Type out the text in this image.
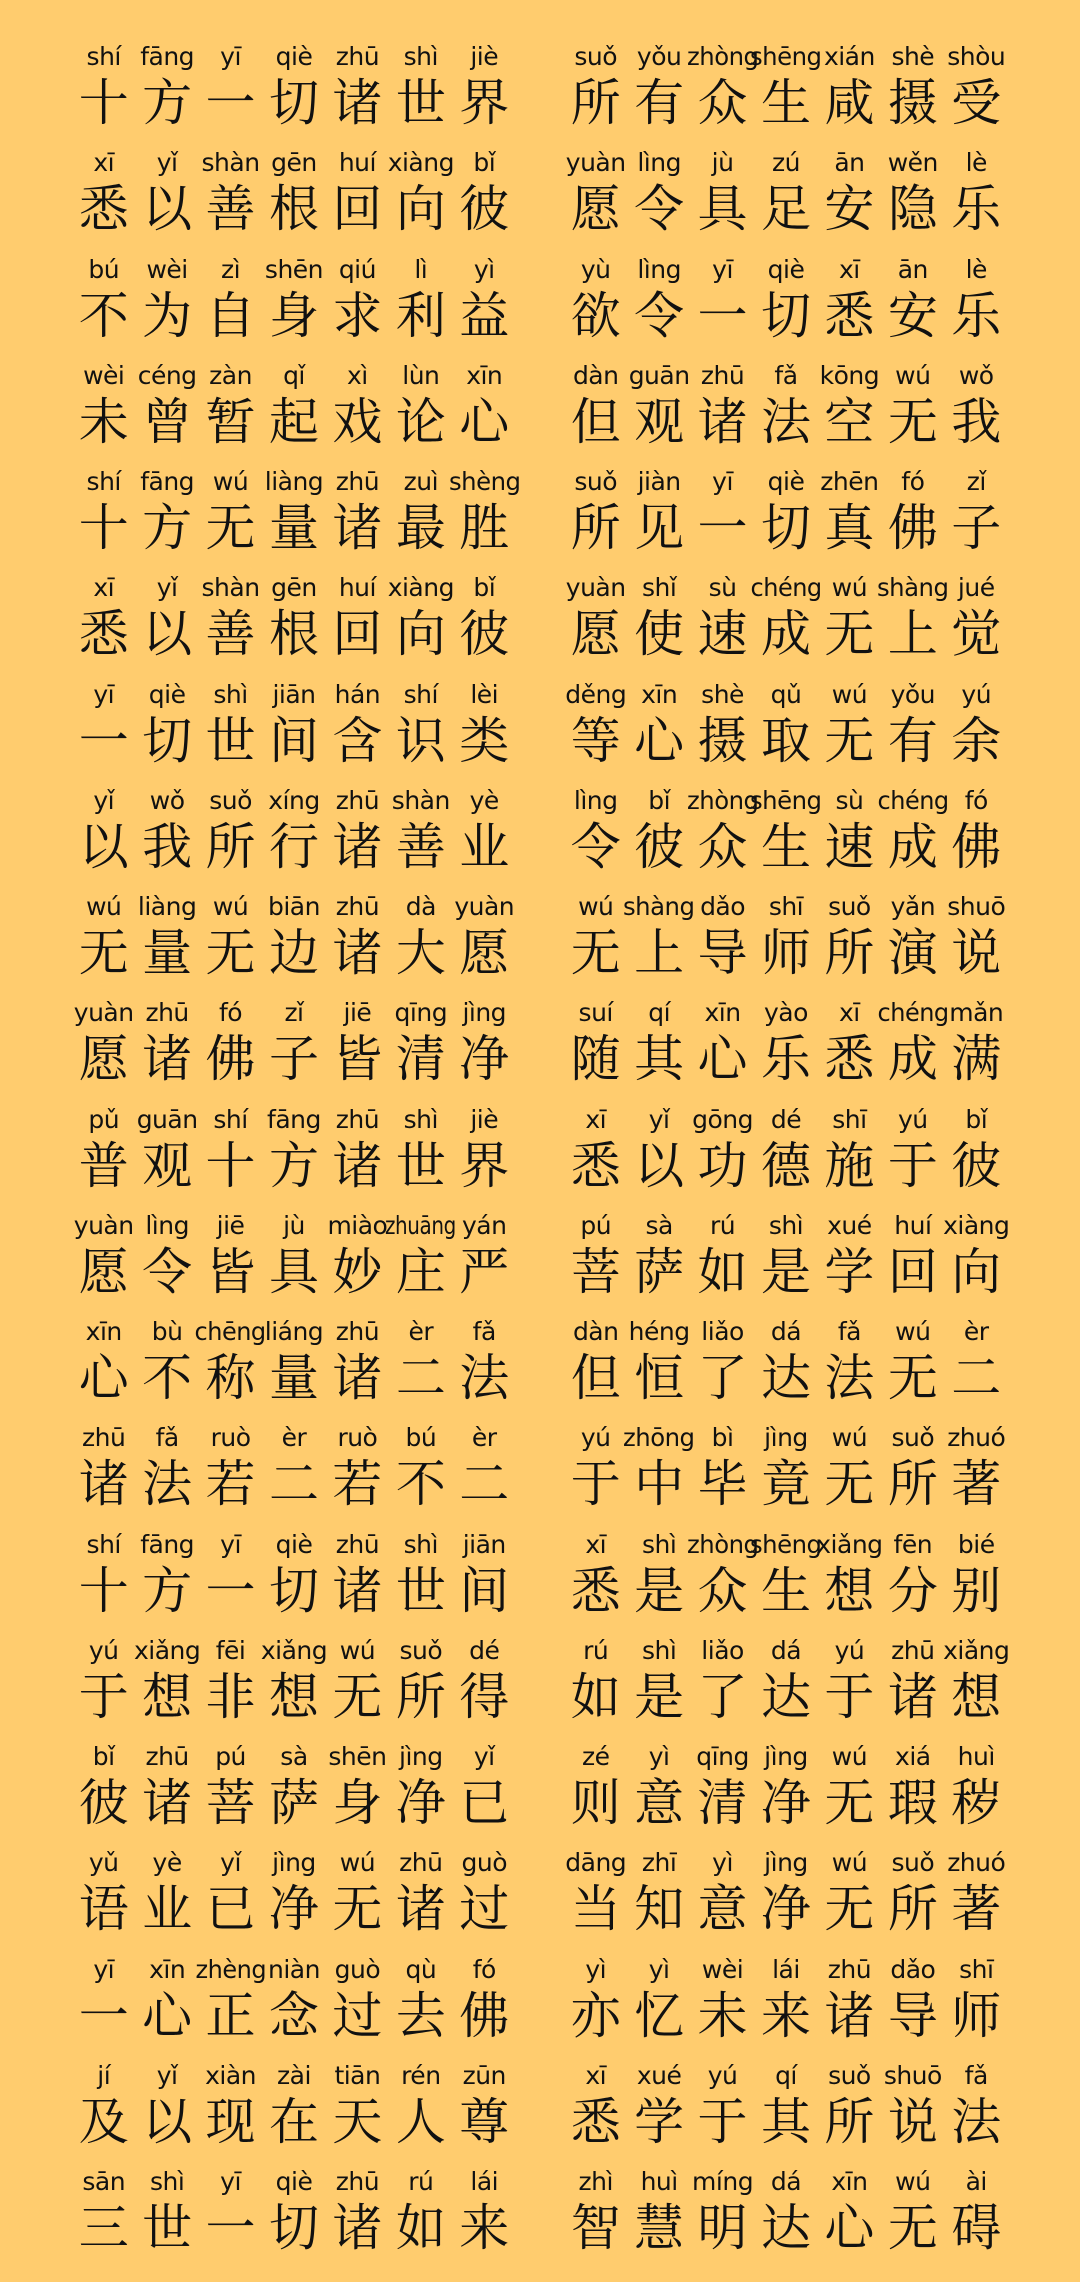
shí
十
fāng
方
yī
一
qiè
切
zhū
诸
shì
世
jiè
界
suǒ
所
yǒu
有
zhòng
众
shēng
生
xián
咸
shè
摄
shòu
受
xī
悉
yǐ
以
shàn
善
gēn
根
huí
回
xiàng
向
bǐ
彼
yuàn
愿
lìng
令
jù
具
zú
足
ān
安
wěn
隐
lè
乐
bú
不
wèi
为
zì
自
shēn
身
qiú
求
lì
利
yì
益
yù
欲
lìng
令
yī
一
qiè
切
xī
悉
ān
安
lè
乐
wèi
未
céng
曾
zàn
暂
qǐ
起
xì
戏
lùn
论
xīn
心
dàn
但
guān
观
zhū
诸
fǎ
法
kōng
空
wú
无
wǒ
我
shí
十
fāng
方
wú
无
liàng
量
zhū
诸
zuì
最
shèng
胜
suǒ
所
jiàn
见
yī
一
qiè
切
zhēn
真
fó
佛
zǐ
子
xī
悉
yǐ
以
shàn
善
gēn
根
huí
回
xiàng
向
bǐ
彼
yuàn
愿
shǐ
使
sù
速
chéng
成
wú
无
shàng
上
jué
觉
yī
一
qiè
切
shì
世
jiān
间
hán
含
shí
识
lèi
类
děng
等
xīn
心
shè
摄
qǔ
取
wú
无
yǒu
有
yú
余
yǐ
以
wǒ
我
suǒ
所
xíng
行
zhū
诸
shàn
善
yè
业
lìng
令
bǐ
彼
zhòng
众
shēng
生
sù
速
chéng
成
fó
佛
wú
无
liàng
量
wú
无
biān
边
zhū
诸
dà
大
yuàn
愿
wú
无
shàng
上
dǎo
导
shī
师
suǒ
所
yǎn
演
shuō
说
yuàn
愿
zhū
诸
fó
佛
zǐ
子
jiē
皆
qīng
清
jìng
净
suí
随
qí
其
xīn
心
yào
乐
xī
悉
chéng
成
mǎn
满
pǔ
普
guān
观
shí
十
fāng
方
zhū
诸
shì
世
jiè
界
xī
悉
yǐ
以
gōng
功
dé
德
shī
施
yú
于
bǐ
彼
yuàn
愿
lìng
令
jiē
皆
jù
具
miào
妙
zhuāng
庄
yán
严
pú
菩
sà
萨
rú
如
shì
是
xué
学
huí
回
xiàng
向
xīn
心
bù
不
chēng
称
liáng
量
zhū
诸
èr
二
fǎ
法
dàn
但
héng
恒
liǎo
了
dá
达
fǎ
法
wú
无
èr
二
zhū
诸
fǎ
法
ruò
若
èr
二
ruò
若
bú
不
èr
二
yú
于
zhōng
中
bì
毕
jìng
竟
wú
无
suǒ
所
zhuó
著
shí
十
fāng
方
yī
一
qiè
切
zhū
诸
shì
世
jiān
间
xī
悉
shì
是
zhòng
众
shēng
生
xiǎng
想
fēn
分
bié
别
yú
于
xiǎng
想
fēi
非
xiǎng
想
wú
无
suǒ
所
dé
得
rú
如
shì
是
liǎo
了
dá
达
yú
于
zhū
诸
xiǎng
想
bǐ
彼
zhū
诸
pú
菩
sà
萨
shēn
身
jìng
净
yǐ
已
zé
则
yì
意
qīng
清
jìng
净
wú
无
xiá
瑕
huì
秽
yǔ
语
yè
业
yǐ
已
jìng
净
wú
无
zhū
诸
guò
过
dāng
当
zhī
知
yì
意
jìng
净
wú
无
suǒ
所
zhuó
著
yī
一
xīn
心
zhèng
正
niàn
念
guò
过
qù
去
fó
佛
yì
亦
yì
忆
wèi
未
lái
来
zhū
诸
dǎo
导
shī
师
jí
及
yǐ
以
xiàn
现
zài
在
tiān
天
rén
人
zūn
尊
xī
悉
xué
学
yú
于
qí
其
suǒ
所
shuō
说
fǎ
法
sān
三
shì
世
yī
一
qiè
切
zhū
诸
rú
如
lái
来
zhì
智
huì
慧
míng
明
dá
达
xīn
心
wú
无
ài
碍
